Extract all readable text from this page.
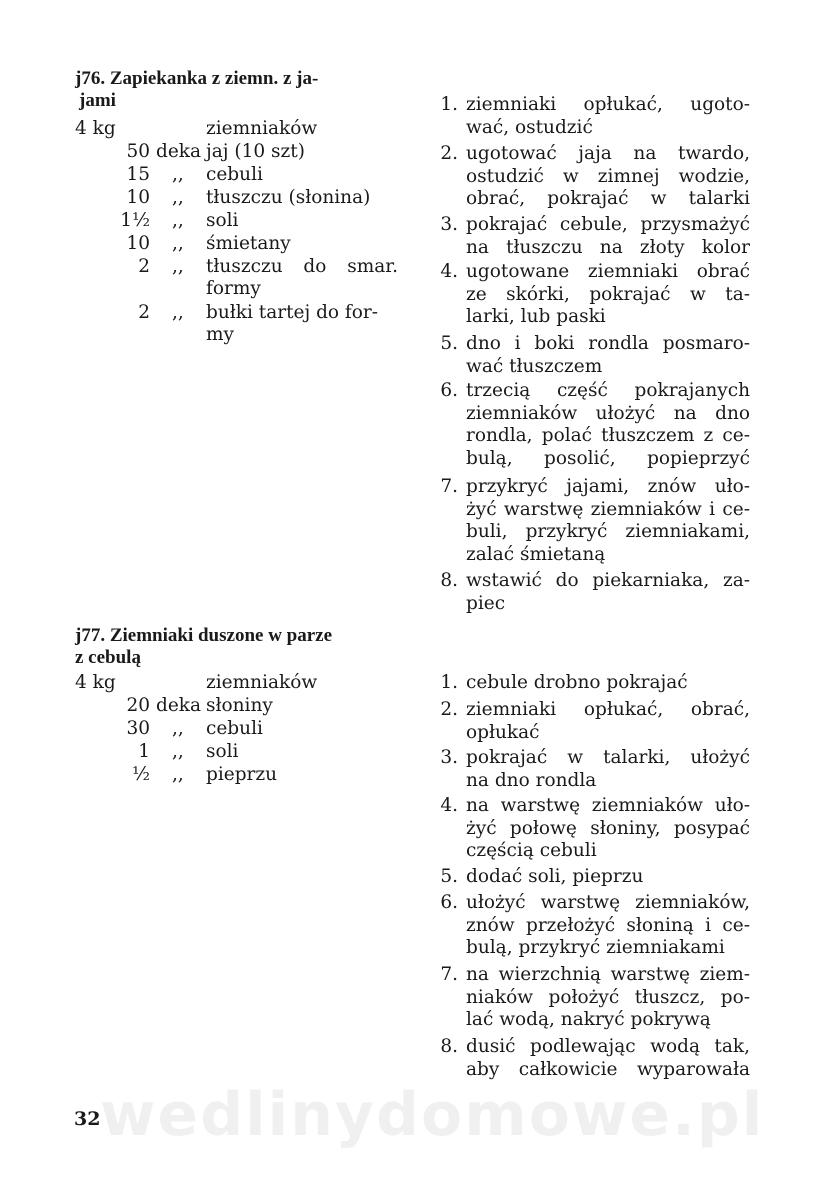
j76. Zapiekanka z ziemn. z ja-
jami
4 kg	ziemniaków
50 deka jaj (10 szt)
15 ,, cebuli
10 ,, tłuszczu (słonina)
1½ ,, soli
10 ,, śmietany
2 ,, tłuszczu do smar.
formy
2 ,, bułki tartej do for-
my
1. ziemniaki opłukać, ugoto-
wać, ostudzić
2. ugotować jaja na twardo,
ostudzić w zimnej wodzie,
obrać, pokrajać w talarki
3. pokrajać cebule, przysmażyć
na tłuszczu na złoty kolor
4. ugotowane ziemniaki obrać
ze skórki, pokrajać w ta-
larki, lub paski
5. dno i boki rondla posmaro-
wać tłuszczem
6. trzecią część pokrajanych
ziemniaków ułożyć na dno
rondla, polać tłuszczem z ce-
bulą, posolić, popieprzyć
7. przykryć jajami, znów uło-
żyć warstwę ziemniaków i ce-
buli, przykryć ziemniakami,
zalać śmietaną
8. wstawić do piekarniaka, za-
piec
j77. Ziemniaki duszone w parze
z cebulą
4 kg	ziemniaków
20 deka słoniny
30 ,, cebuli
1 ,, soli
½ ,, pieprzu
1. cebule drobno pokrajać
2. ziemniaki opłukać, obrać,
opłukać
3. pokrajać w talarki, ułożyć
na dno rondla
4. na warstwę ziemniaków uło-
żyć połowę słoniny, posypać
częścią cebuli
5. dodać soli, pieprzu
6. ułożyć warstwę ziemniaków,
znów przełożyć słoniną i ce-
bulą, przykryć ziemniakami
7. na wierzchnią warstwę ziem-
niaków położyć tłuszcz, po-
lać wodą, nakryć pokrywą
8. dusić podlewając wodą tak,
aby całkowicie wyparowała
wedlinydomowe.pl
32
